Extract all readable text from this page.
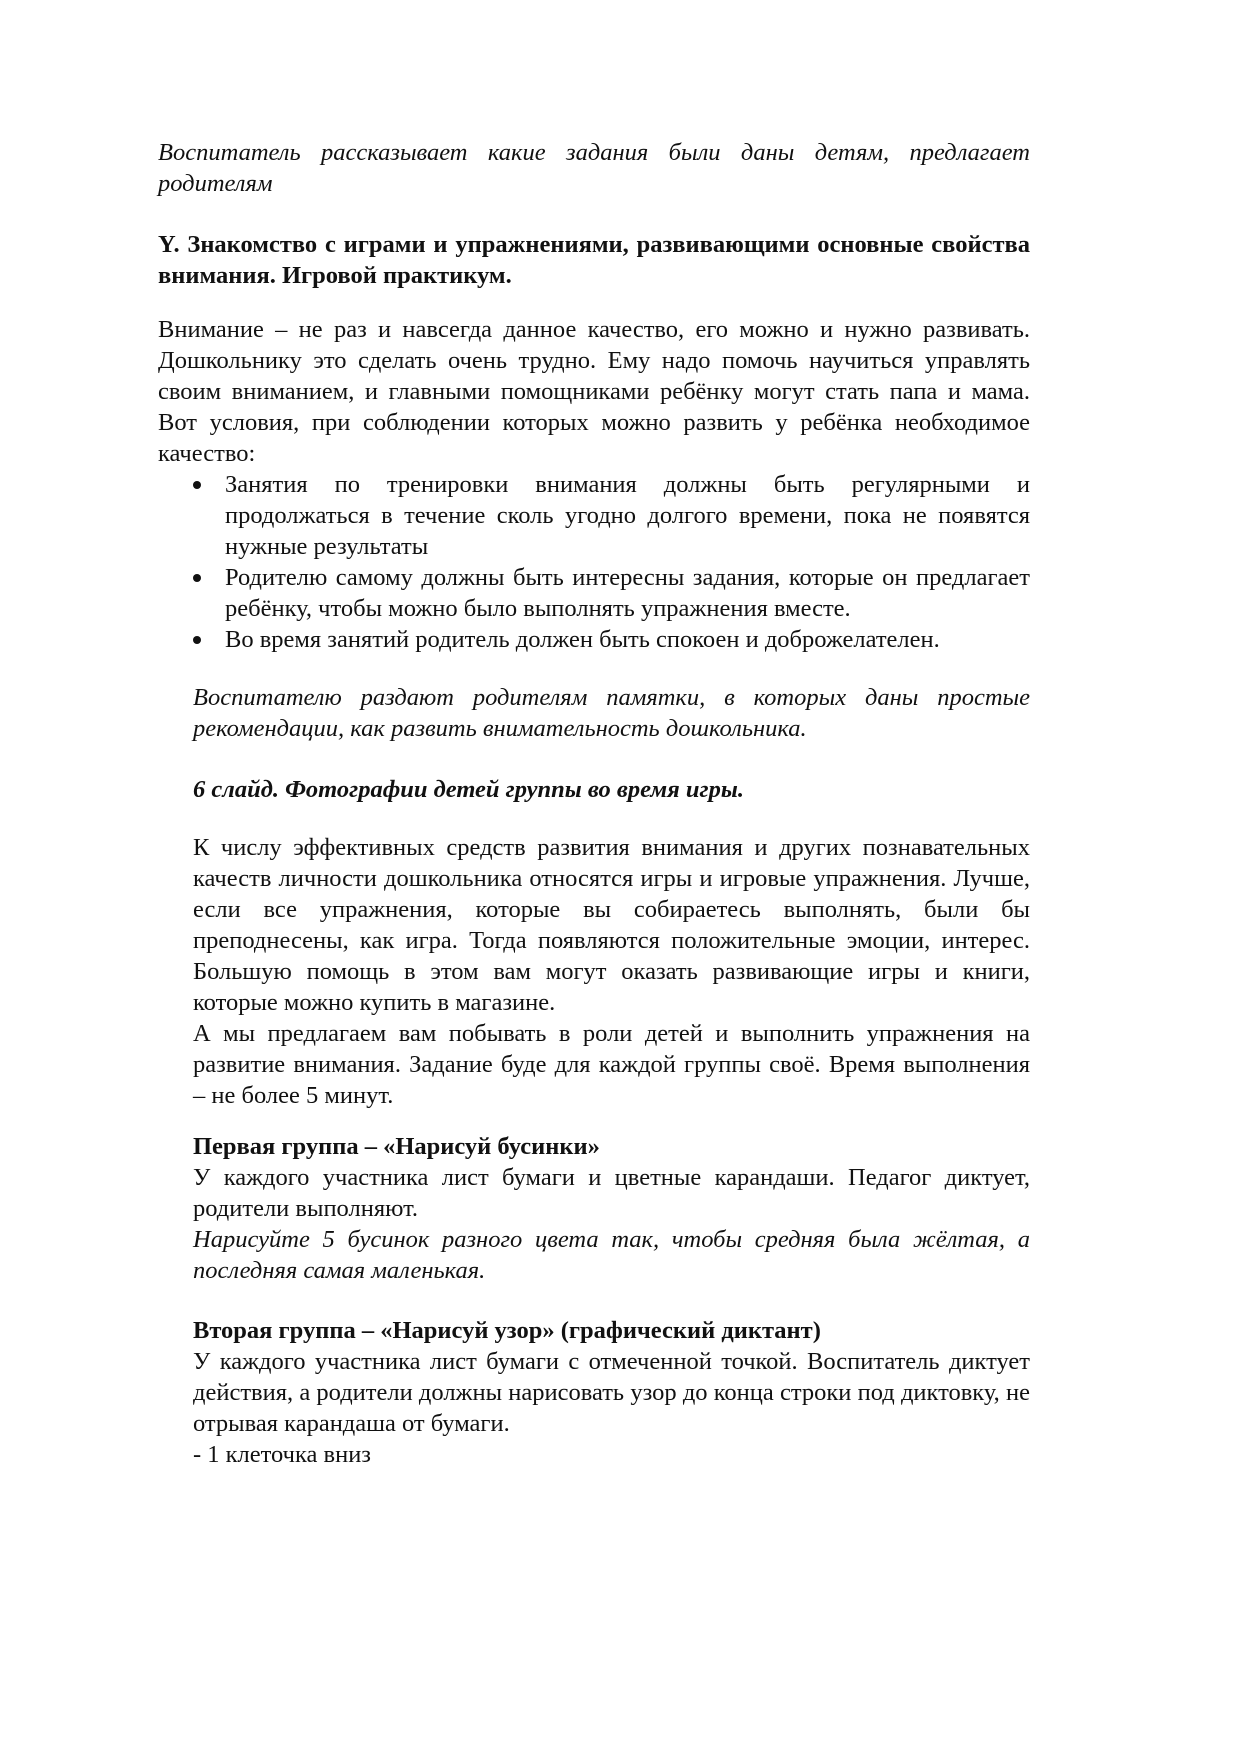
Воспитатель рассказывает какие задания были даны детям, предлагает родителям

Y. Знакомство с играми и упражнениями, развивающими основные свойства внимания. Игровой практикум.

Внимание – не раз и навсегда данное качество, его можно и нужно развивать. Дошкольнику это сделать очень трудно. Ему надо помочь научиться управлять своим вниманием, и главными помощниками ребёнку могут стать папа и мама. Вот условия, при соблюдении которых можно развить у ребёнка необходимое качество:

Занятия по тренировки внимания должны быть регулярными и продолжаться в течение сколь угодно долгого времени, пока не появятся нужные результаты
Родителю самому должны быть интересны задания, которые он предлагает ребёнку, чтобы можно было выполнять упражнения вместе.
Во время занятий родитель должен быть спокоен и доброжелателен.

Воспитателю раздают родителям памятки, в которых даны простые рекомендации, как развить внимательность дошкольника.

6 слайд. Фотографии детей группы во время игры.

К числу эффективных средств развития внимания и других познавательных качеств личности дошкольника относятся игры и игровые упражнения. Лучше, если все упражнения, которые вы собираетесь выполнять, были бы преподнесены, как игра. Тогда появляются положительные эмоции, интерес. Большую помощь в этом вам могут оказать развивающие игры и книги, которые можно купить в магазине.

А мы предлагаем вам побывать в роли детей и выполнить упражнения на развитие внимания. Задание буде для каждой группы своё. Время выполнения – не более 5 минут.

Первая группа – «Нарисуй бусинки»

У каждого участника лист бумаги и цветные карандаши. Педагог диктует, родители выполняют.

Нарисуйте 5 бусинок разного цвета так, чтобы средняя была жёлтая, а последняя самая маленькая.

Вторая группа – «Нарисуй узор» (графический диктант)

У каждого участника лист бумаги с отмеченной точкой. Воспитатель диктует действия, а родители должны нарисовать узор до конца строки под диктовку, не отрывая карандаша от бумаги.

- 1 клеточка вниз
